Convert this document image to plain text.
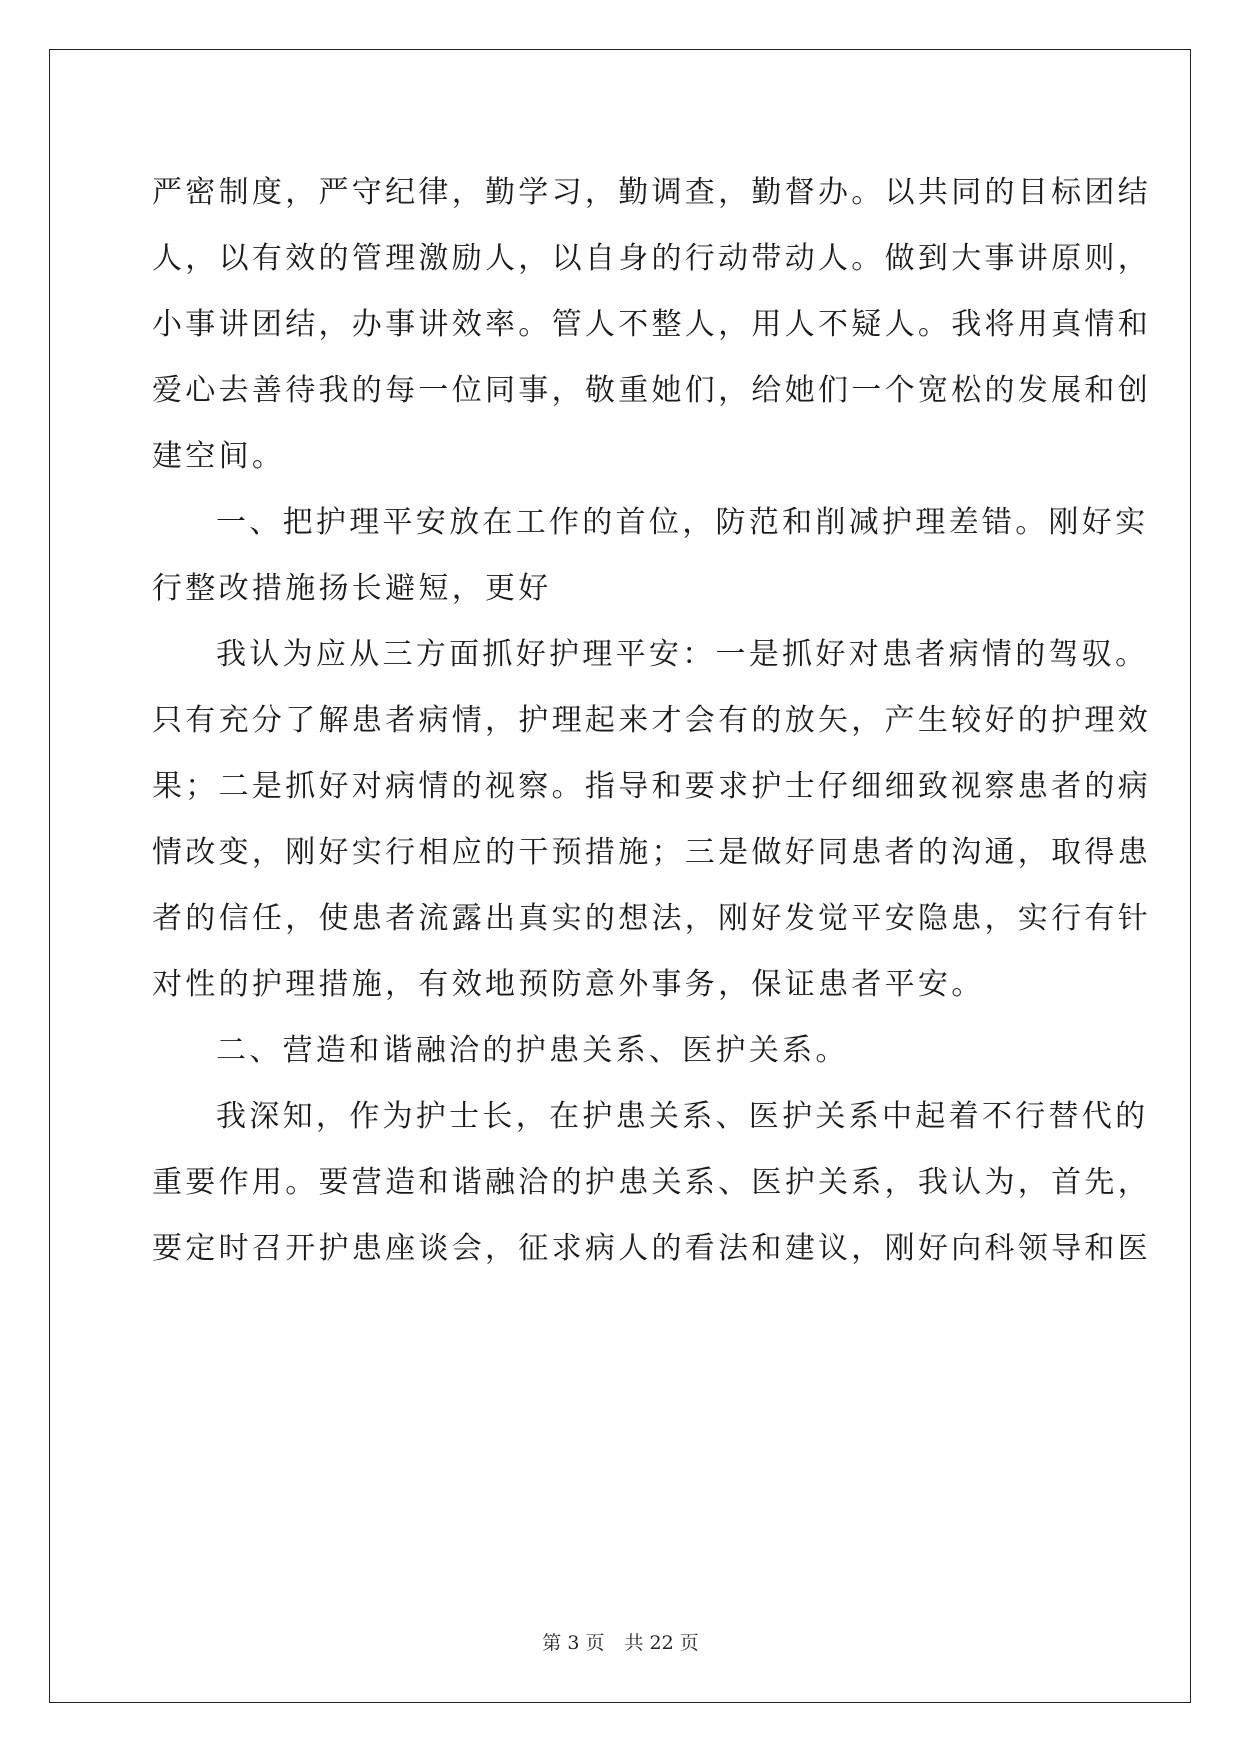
严密制度，严守纪律，勤学习，勤调查，勤督办。以共同的目标团结
人，以有效的管理激励人，以自身的行动带动人。做到大事讲原则，
小事讲团结，办事讲效率。管人不整人，用人不疑人。我将用真情和
爱心去善待我的每一位同事，敬重她们，给她们一个宽松的发展和创
建空间。
一、把护理平安放在工作的首位，防范和削减护理差错。刚好实
行整改措施扬长避短，更好
我认为应从三方面抓好护理平安：一是抓好对患者病情的驾驭。
只有充分了解患者病情，护理起来才会有的放矢，产生较好的护理效
果；二是抓好对病情的视察。指导和要求护士仔细细致视察患者的病
情改变，刚好实行相应的干预措施；三是做好同患者的沟通，取得患
者的信任，使患者流露出真实的想法，刚好发觉平安隐患，实行有针
对性的护理措施，有效地预防意外事务，保证患者平安。
二、营造和谐融洽的护患关系、医护关系。
我深知，作为护士长，在护患关系、医护关系中起着不行替代的
重要作用。要营造和谐融洽的护患关系、医护关系，我认为，首先，
要定时召开护患座谈会，征求病人的看法和建议，刚好向科领导和医
第 3 页 共 22 页
